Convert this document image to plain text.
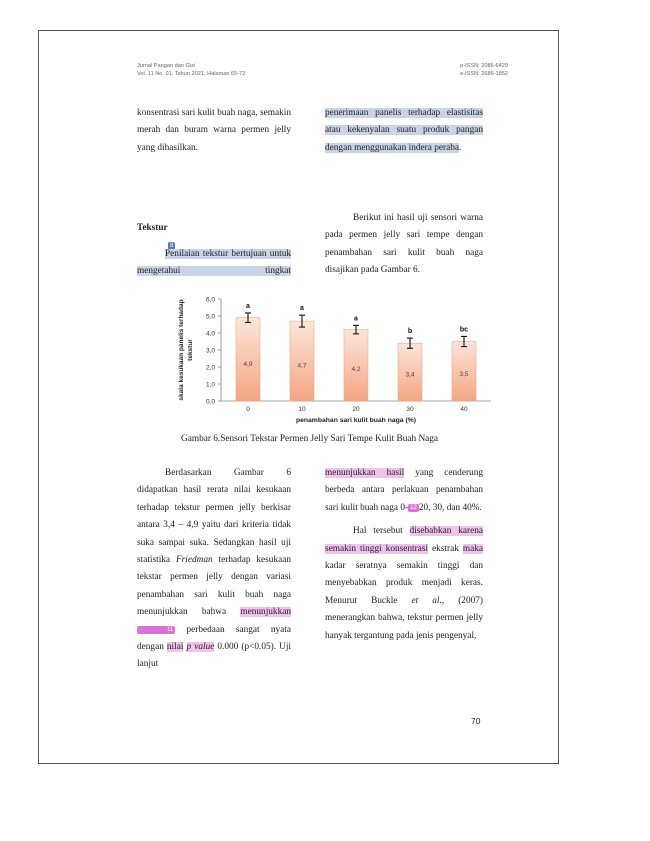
Jurnal Pangan dan Gizi
Vol. 11 No. 01, Tahun 2021, Halaman 65-72
p-ISSN: 2086-6429
e-ISSN: 2686-1852

konsentrasi sari kulit buah naga, semakin merah dan buram warna permen jelly yang dihasilkan.

penerimaan panelis terhadap elastisitas atau kekenyalan suatu produk pangan dengan menggunakan indera peraba.

Tekstur
8

Penilaian tekstur bertujuan untuk mengetahui tingkat

Berikut ini hasil uji sensori warna pada permen jelly sari tempe dengan penambahan sari kulit buah naga disajikan pada Gambar 6.

0,0
1,0
2,0
3,0
4,0
5,0
6,0
skala kesukaan panelis terhadap tekstur
a
4,9
0
a
4,7
10
a
4,2
20
b
3,4
30
bc
3,5
40
penambahan sari kulit buah naga (%)
Gambar 6.Sensori Tekstar Permen Jelly Sari Tempe Kulit Buah Naga

Berdasarkan Gambar 6 didapatkan hasil rerata nilai kesukaan terhadap tekstur permen jelly berkisar antara 3,4 – 4,9 yaitu dari kriteria tidak suka sampai suka. Sedangkan hasil uji statistika Friedman terhadap kesukaan tekstar permen jelly dengan variasi penambahan sari kulit buah naga menunjukkan bahwa menunjukkan11 perbedaan sangat nyata dengan nilai p value 0.000 (p<0.05). Uji lanjut

menunjukkan hasil yang cenderung berbeda antara perlakuan penambahan sari kulit buah naga 0- 12 20, 30, dan 40%.

Hal tersebut disebabkan karena semakin tinggi konsentrasi ekstrak maka kadar seratnya semakin tinggi dan menyebabkan produk menjadi keras. Menurut Buckle et al., (2007) menerangkan bahwa, tekstur permen jelly hanyak tergantung pada jenis pengenyal,

70
